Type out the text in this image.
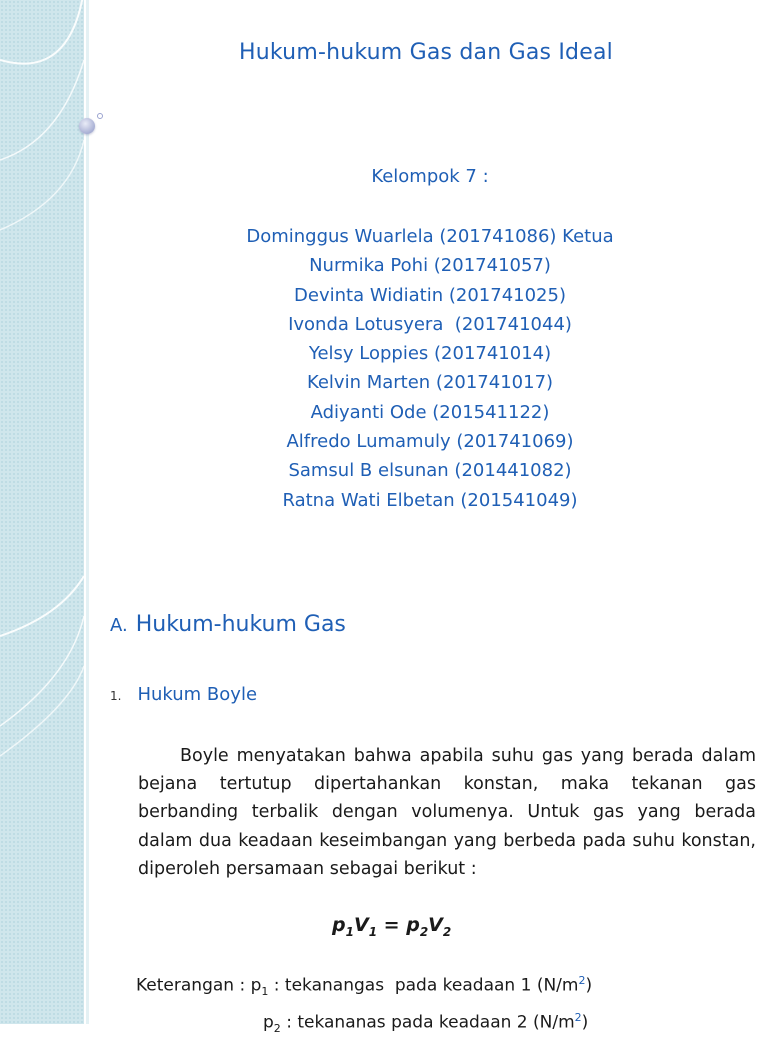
Hukum-hukum Gas dan Gas Ideal
Kelompok 7 :
Dominggus Wuarlela (201741086) Ketua
Nurmika Pohi (201741057)
Devinta Widiatin (201741025)
Ivonda Lotusyera  (201741044)
Yelsy Loppies (201741014)
Kelvin Marten (201741017)
Adiyanti Ode (201541122)
Alfredo Lumamuly (201741069)
Samsul B elsunan (201441082)
Ratna Wati Elbetan (201541049)
A. Hukum-hukum Gas
1. Hukum Boyle
Boyle menyatakan bahwa apabila suhu gas yang berada dalam bejana tertutup dipertahankan konstan, maka tekanan gas berbanding terbalik dengan volumenya. Untuk gas yang berada dalam dua keadaan keseimbangan yang berbeda pada suhu konstan, diperoleh persamaan sebagai berikut :
$p_1V_1 = p_2V_2$
Keterangan : $p_1$ : tekanangas  pada keadaan 1 $(N/m^2)$
$p_2$ : tekananas pada keadaan 2 $(N/m^2)$
